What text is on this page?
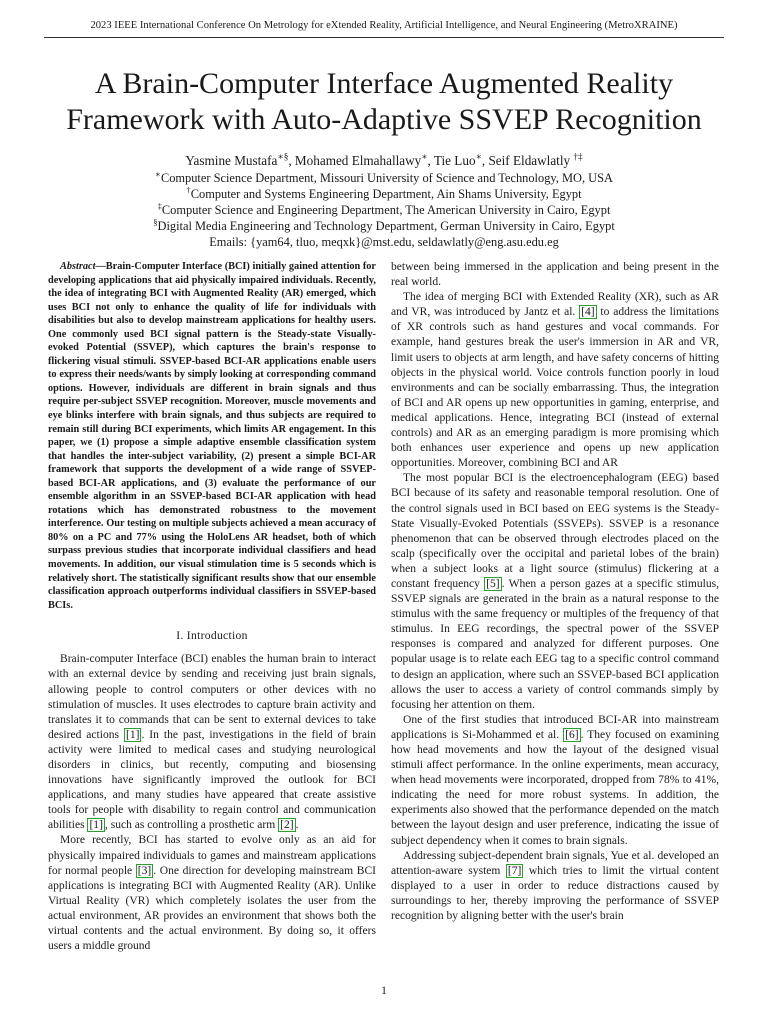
2023 IEEE International Conference On Metrology for eXtended Reality, Artificial Intelligence, and Neural Engineering (MetroXRAINE)
A Brain-Computer Interface Augmented Reality
Framework with Auto-Adaptive SSVEP Recognition
Yasmine Mustafa∗§, Mohamed Elmahallawy∗, Tie Luo∗, Seif Eldawlatly †‡
∗Computer Science Department, Missouri University of Science and Technology, MO, USA
†Computer and Systems Engineering Department, Ain Shams University, Egypt
‡Computer Science and Engineering Department, The American University in Cairo, Egypt
§Digital Media Engineering and Technology Department, German University in Cairo, Egypt
Emails: {yam64, tluo, meqxk}@mst.edu, seldawlatly@eng.asu.edu.eg

Abstract—Brain-Computer Interface (BCI) initially gained attention for developing applications that aid physically impaired individuals. Recently, the idea of integrating BCI with Augmented Reality (AR) emerged, which uses BCI not only to enhance the quality of life for individuals with disabilities but also to develop mainstream applications for healthy users. One commonly used BCI signal pattern is the Steady-state Visually-evoked Potential (SSVEP), which captures the brain's response to flickering visual stimuli. SSVEP-based BCI-AR applications enable users to express their needs/wants by simply looking at corresponding command options. However, individuals are different in brain signals and thus require per-subject SSVEP recognition. Moreover, muscle movements and eye blinks interfere with brain signals, and thus subjects are required to remain still during BCI experiments, which limits AR engagement. In this paper, we (1) propose a simple adaptive ensemble classification system that handles the inter-subject variability, (2) present a simple BCI-AR framework that supports the development of a wide range of SSVEP-based BCI-AR applications, and (3) evaluate the performance of our ensemble algorithm in an SSVEP-based BCI-AR application with head rotations which has demonstrated robustness to the movement interference. Our testing on multiple subjects achieved a mean accuracy of 80% on a PC and 77% using the HoloLens AR headset, both of which surpass previous studies that incorporate individual classifiers and head movements. In addition, our visual stimulation time is 5 seconds which is relatively short. The statistically significant results show that our ensemble classification approach outperforms individual classifiers in SSVEP-based BCIs.

I. Introduction

Brain-computer Interface (BCI) enables the human brain to interact with an external device by sending and receiving just brain signals, allowing people to control computers or other devices with no stimulation of muscles. It uses electrodes to capture brain activity and translates it to commands that can be sent to external devices to take desired actions [1] . In the past, investigations in the field of brain activity were limited to medical cases and studying neurological disorders in clinics, but recently, computing and biosensing innovations have significantly improved the outlook for BCI applications, and many studies have appeared that create assistive tools for people with disability to regain control and communication abilities [1] , such as controlling a prosthetic arm [2] .

More recently, BCI has started to evolve only as an aid for physically impaired individuals to games and mainstream applications for normal people [3] . One direction for developing mainstream BCI applications is integrating BCI with Augmented Reality (AR). Unlike Virtual Reality (VR) which completely isolates the user from the actual environment, AR provides an environment that shows both the virtual contents and the actual environment. By doing so, it offers users a middle ground

between being immersed in the application and being present in the real world.

The idea of merging BCI with Extended Reality (XR), such as AR and VR, was introduced by Jantz et al. [4] to address the limitations of XR controls such as hand gestures and vocal commands. For example, hand gestures break the user's immersion in AR and VR, limit users to objects at arm length, and have safety concerns of hitting objects in the physical world. Voice controls function poorly in loud environments and can be socially embarrassing. Thus, the integration of BCI and AR opens up new opportunities in gaming, enterprise, and medical applications. Hence, integrating BCI (instead of external controls) and AR as an emerging paradigm is more promising which both enhances user experience and opens up new application opportunities. Moreover, combining BCI and AR

The most popular BCI is the electroencephalogram (EEG) based BCI because of its safety and reasonable temporal resolution. One of the control signals used in BCI based on EEG systems is the Steady-State Visually-Evoked Potentials (SSVEPs). SSVEP is a resonance phenomenon that can be observed through electrodes placed on the scalp (specifically over the occipital and parietal lobes of the brain) when a subject looks at a light source (stimulus) flickering at a constant frequency [5] . When a person gazes at a specific stimulus, SSVEP signals are generated in the brain as a natural response to the stimulus with the same frequency or multiples of the frequency of that stimulus. In EEG recordings, the spectral power of the SSVEP responses is compared and analyzed for different purposes. One popular usage is to relate each EEG tag to a specific control command to design an application, where such an SSVEP-based BCI application allows the user to access a variety of control commands simply by focusing her attention on them.

One of the first studies that introduced BCI-AR into mainstream applications is Si-Mohammed et al. [6] . They focused on examining how head movements and how the layout of the designed visual stimuli affect performance. In the online experiments, mean accuracy, when head movements were incorporated, dropped from 78% to 41%, indicating the need for more robust systems. In addition, the experiments also showed that the performance depended on the match between the layout design and user preference, indicating the issue of subject dependency when it comes to brain signals.

Addressing subject-dependent brain signals, Yue et al. developed an attention-aware system [7] which tries to limit the virtual content displayed to a user in order to reduce distractions caused by surroundings to her, thereby improving the performance of SSVEP recognition by aligning better with the user's brain

1
